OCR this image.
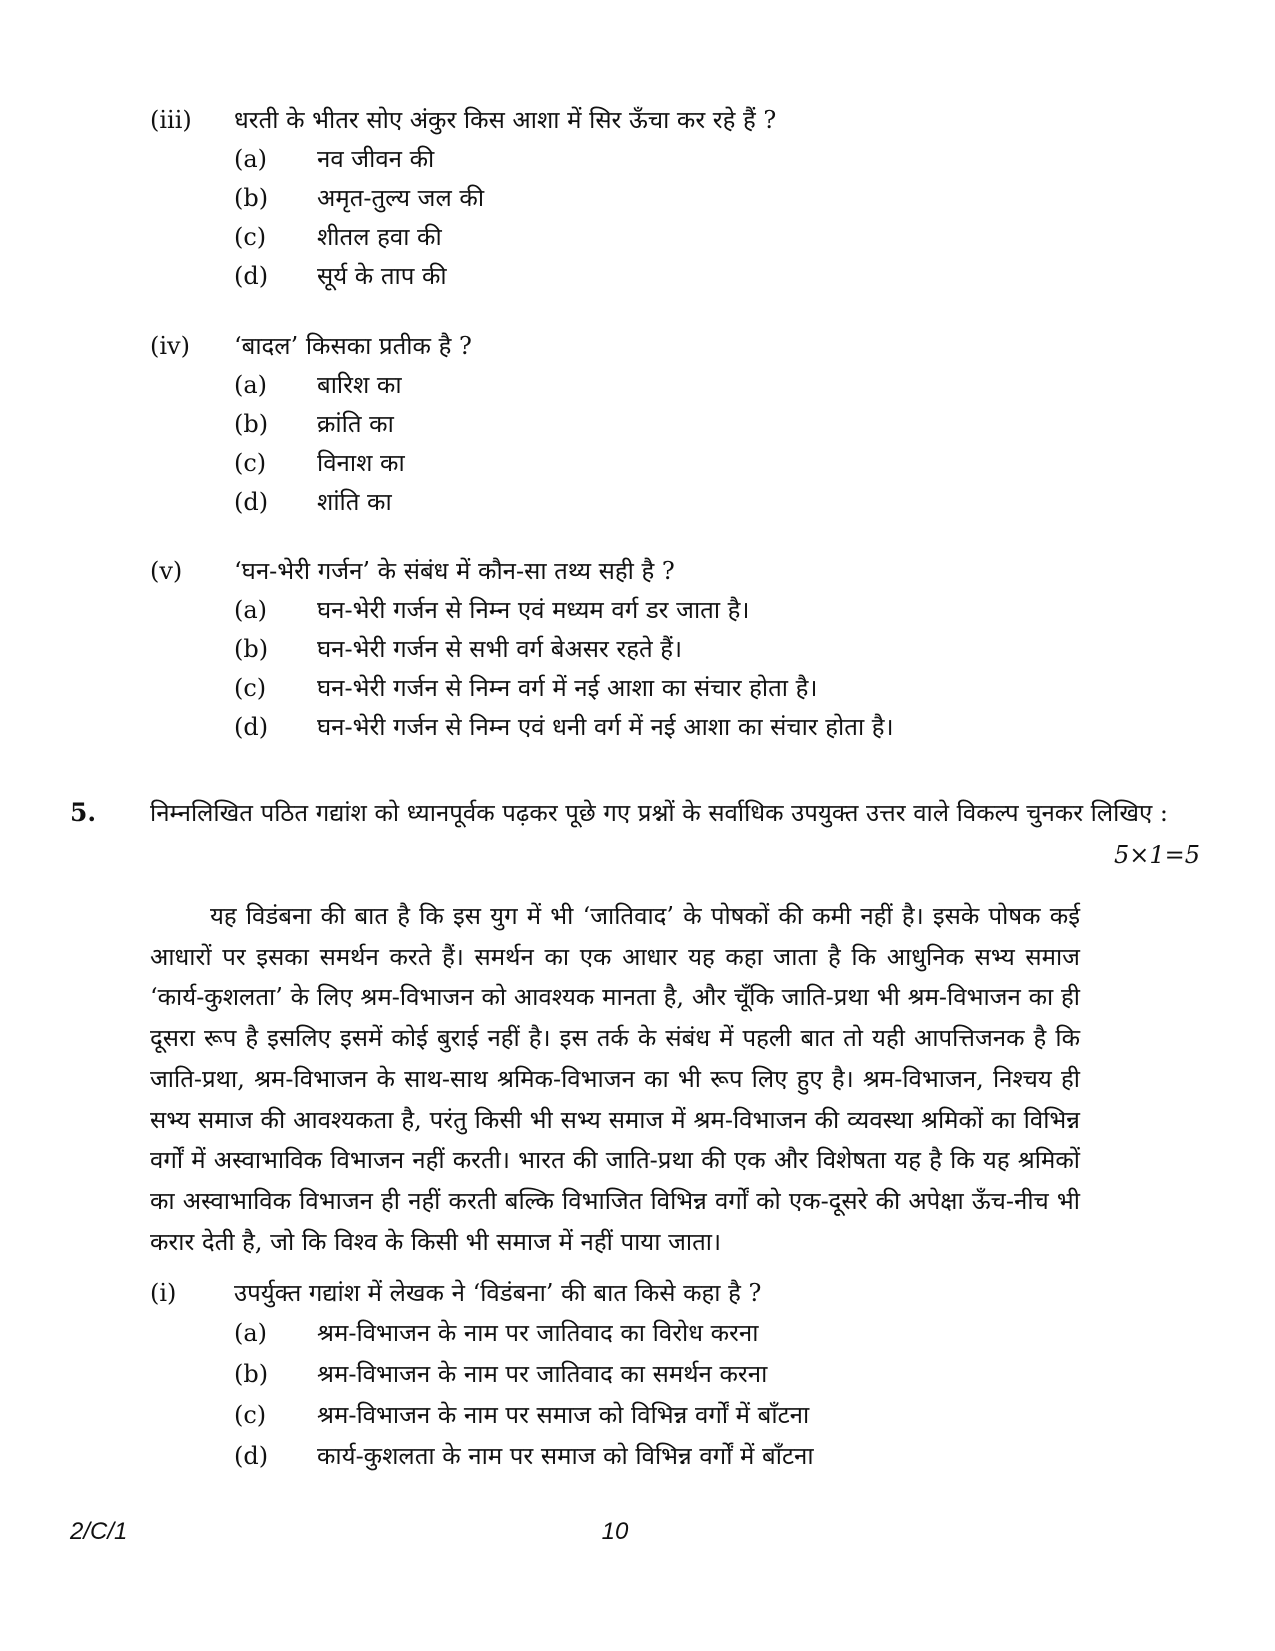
(iii) धरती के भीतर सोए अंकुर किस आशा में सिर ऊँचा कर रहे हैं ?
(a) नव जीवन की
(b) अमृत-तुल्य जल की
(c) शीतल हवा की
(d) सूर्य के ताप की
(iv) ‘बादल’ किसका प्रतीक है ?
(a) बारिश का
(b) क्रांति का
(c) विनाश का
(d) शांति का
(v) ‘घन-भेरी गर्जन’ के संबंध में कौन-सा तथ्य सही है ?
(a) घन-भेरी गर्जन से निम्न एवं मध्यम वर्ग डर जाता है।
(b) घन-भेरी गर्जन से सभी वर्ग बेअसर रहते हैं।
(c) घन-भेरी गर्जन से निम्न वर्ग में नई आशा का संचार होता है।
(d) घन-भेरी गर्जन से निम्न एवं धनी वर्ग में नई आशा का संचार होता है।
5. निम्नलिखित पठित गद्यांश को ध्यानपूर्वक पढ़कर पूछे गए प्रश्नों के सर्वाधिक उपयुक्त उत्तर वाले विकल्प चुनकर लिखिए :
5×1=5

यह विडंबना की बात है कि इस युग में भी ‘जातिवाद’ के पोषकों की कमी नहीं है। इसके पोषक कई आधारों पर इसका समर्थन करते हैं। समर्थन का एक आधार यह कहा जाता है कि आधुनिक सभ्य समाज ‘कार्य-कुशलता’ के लिए श्रम-विभाजन को आवश्यक मानता है, और चूँकि जाति-प्रथा भी श्रम-विभाजन का ही दूसरा रूप है इसलिए इसमें कोई बुराई नहीं है। इस तर्क के संबंध में पहली बात तो यही आपत्तिजनक है कि जाति-प्रथा, श्रम-विभाजन के साथ-साथ श्रमिक-विभाजन का भी रूप लिए हुए है। श्रम-विभाजन, निश्चय ही सभ्य समाज की आवश्यकता है, परंतु किसी भी सभ्य समाज में श्रम-विभाजन की व्यवस्था श्रमिकों का विभिन्न वर्गों में अस्वाभाविक विभाजन नहीं करती। भारत की जाति-प्रथा की एक और विशेषता यह है कि यह श्रमिकों का अस्वाभाविक विभाजन ही नहीं करती बल्कि विभाजित विभिन्न वर्गों को एक-दूसरे की अपेक्षा ऊँच-नीच भी करार देती है, जो कि विश्व के किसी भी समाज में नहीं पाया जाता।

(i) उपर्युक्त गद्यांश में लेखक ने ‘विडंबना’ की बात किसे कहा है ?
(a) श्रम-विभाजन के नाम पर जातिवाद का विरोध करना
(b) श्रम-विभाजन के नाम पर जातिवाद का समर्थन करना
(c) श्रम-विभाजन के नाम पर समाज को विभिन्न वर्गों में बाँटना
(d) कार्य-कुशलता के नाम पर समाज को विभिन्न वर्गों में बाँटना
2/C/1	10
